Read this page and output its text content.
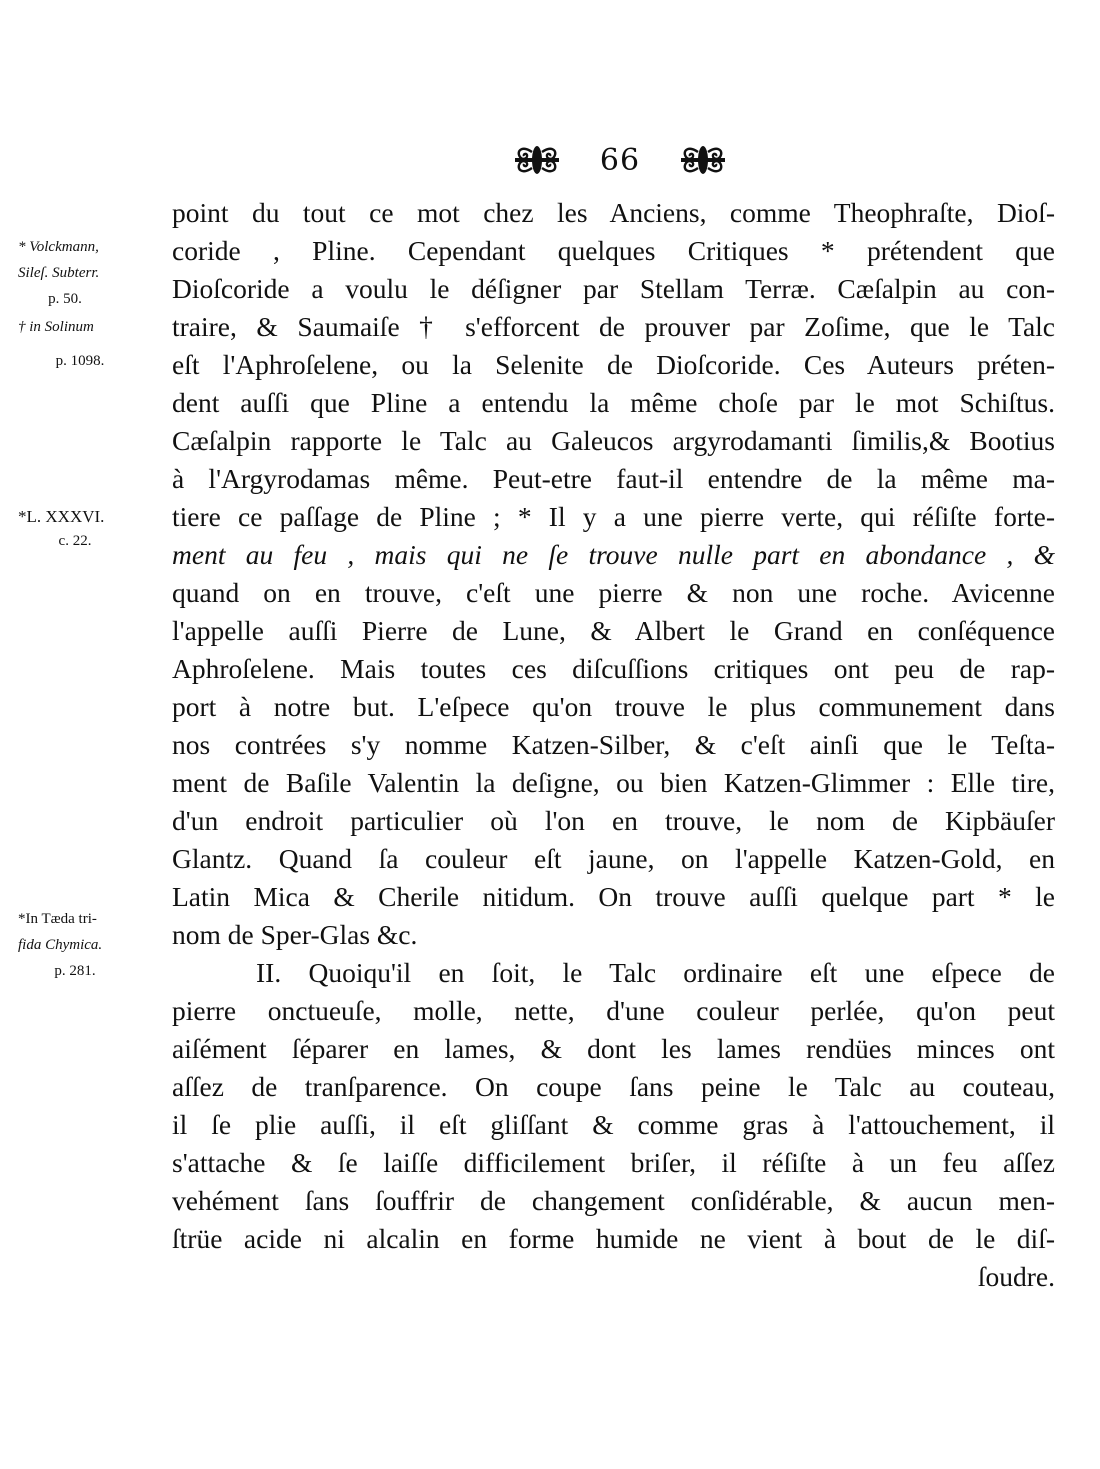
66
point du tout ce mot chez les Anciens, comme Theophraſte, Dioſ-
coride , Pline. Cependant quelques Critiques * prétendent que
Dioſcoride a voulu le déſigner par Stellam Terræ. Cæſalpin au con-
traire, & Saumaiſe † s'efforcent de prouver par Zoſime, que le Talc
eſt l'Aphroſelene, ou la Selenite de Dioſcoride. Ces Auteurs préten-
dent auſſi que Pline a entendu la même choſe par le mot Schiſtus.
Cæſalpin rapporte le Talc au Galeucos argyrodamanti ſimilis,& Bootius
à l'Argyrodamas même. Peut-etre faut-il entendre de la même ma-
tiere ce paſſage de Pline ; * Il y a une pierre verte, qui réſiſte forte-
ment au feu , mais qui ne ſe trouve nulle part en abondance , &
quand on en trouve, c'eſt une pierre & non une roche. Avicenne
l'appelle auſſi Pierre de Lune, & Albert le Grand en conſéquence
Aphroſelene. Mais toutes ces diſcuſſions critiques ont peu de rap-
port à notre but. L'eſpece qu'on trouve le plus communement dans
nos contrées s'y nomme Katzen-Silber, & c'eſt ainſi que le Teſta-
ment de Baſile Valentin la deſigne, ou bien Katzen-Glimmer : Elle tire,
d'un endroit particulier où l'on en trouve, le nom de Kipbäuſer
Glantz. Quand ſa couleur eſt jaune, on l'appelle Katzen-Gold, en
Latin Mica & Cherile nitidum. On trouve auſſi quelque part * le
nom de Sper-Glas &c.
II. Quoiqu'il en ſoit, le Talc ordinaire eſt une eſpece de
pierre onctueuſe, molle, nette, d'une couleur perlée, qu'on peut
aiſément ſéparer en lames, & dont les lames rendües minces ont
aſſez de tranſparence. On coupe ſans peine le Talc au couteau,
il ſe plie auſſi, il eſt gliſſant & comme gras à l'attouchement, il
s'attache & ſe laiſſe difficilement briſer, il réſiſte à un feu aſſez
vehément ſans ſouffrir de changement conſidérable, & aucun men-
ſtrüe acide ni alcalin en forme humide ne vient à bout de le diſ-
ſoudre.
* Volckmann,
Sileſ. Subterr.
p. 50.
† in Solinum
p. 1098.
*L. XXXVI.
c. 22.
*In Tæda tri-
fida Chymica.
p. 281.
